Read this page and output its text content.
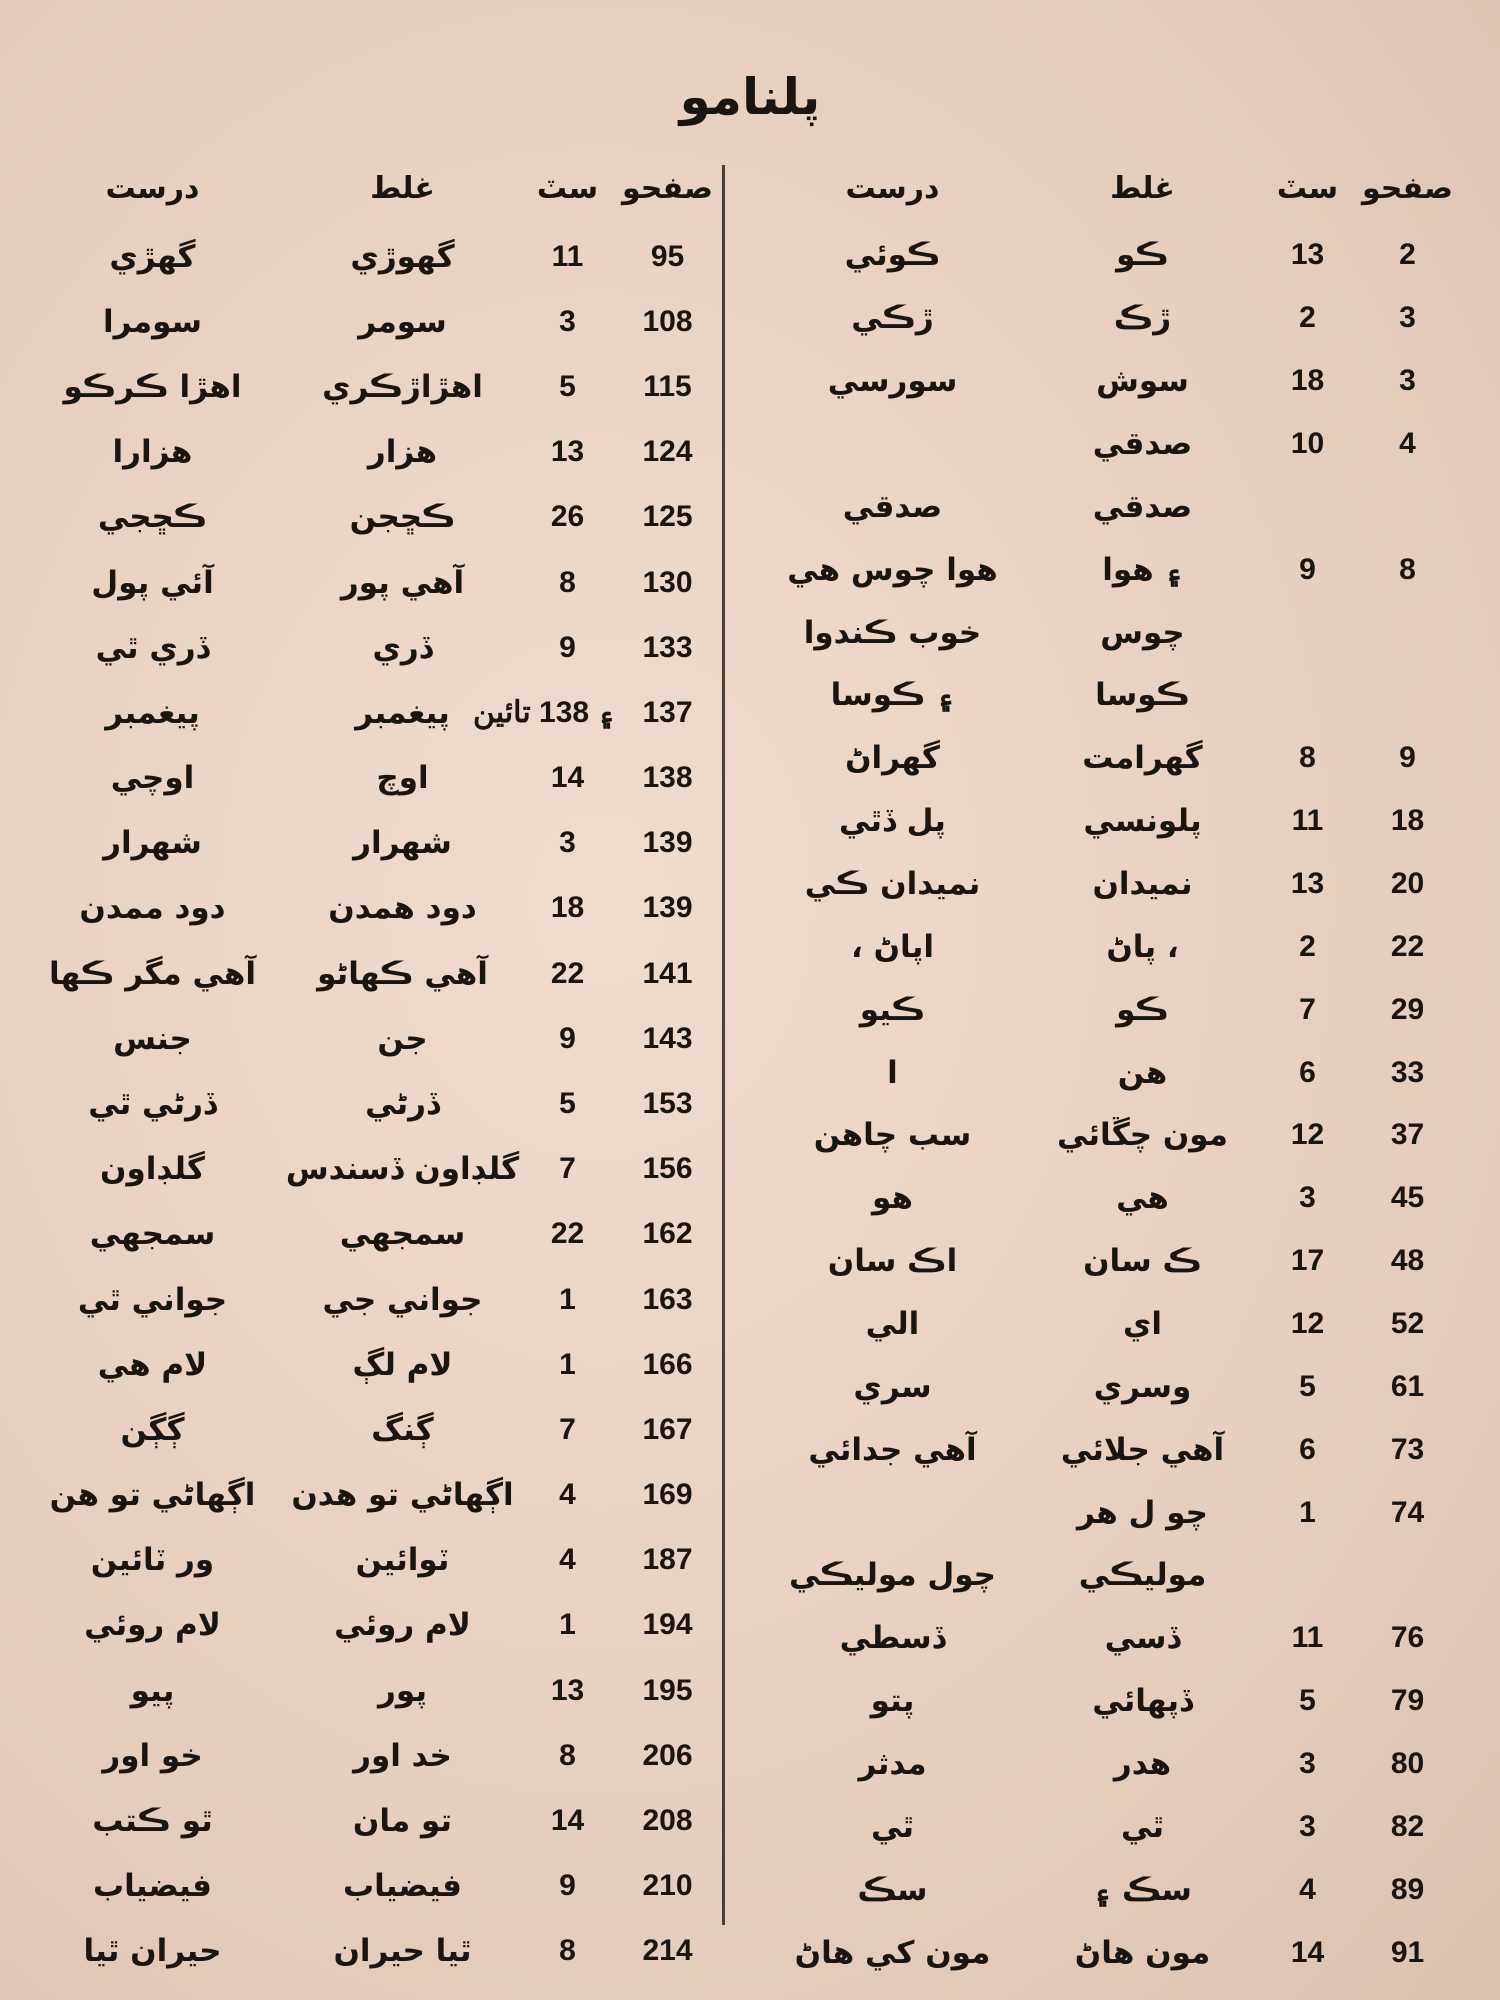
پلنامو
صفحو
سٽ
غلط
درست
2
13
ڪو
ڪوئي
3
2
ڙڪ
ڙڪي
3
18
سوش
سورسي
4
10
صدقي
صدقي
صدقي
8
9
۽ هوا
هوا چوس هي
چوس
خوب ڪندوا
ڪوسا
۽ ڪوسا
9
8
گهرامت
گهراڻ
18
11
پلونسي
پل ڏٿي
20
13
نميدان
نميدان ڪي
22
2
، پاڻ
اپاڻ ،
29
7
ڪو
ڪيو
33
6
هن
ا
37
12
مون چڱائي
سب چاهن
45
3
هي
هو
48
17
ڪ سان
اڪ سان
52
12
اي
الي
61
5
وسري
سري
73
6
آهي جلائي
آهي جدائي
74
1
چو ل هر
موليڪي
چول موليڪي
76
11
ڏسي
ڏسطي
79
5
ڏپهائي
پتو
80
3
هدر
مدثر
82
3
ٿي
ٿي
89
4
سڪ ۽
سڪ
91
14
مون هاڻ
مون کي هاڻ
صفحو
سٽ
غلط
درست
95
11
گهوڙي
گهڙي
108
3
سومر
سومرا
115
5
اهڙاڙڪري
اهڙا ڪرڪو
124
13
هزار
هزارا
125
26
ڪڇجن
ڪڇجي
130
8
آهي پور
آئي پول
133
9
ڏري
ڏري ٿي
137
۽ 138 تائين
پيغمبر
پيغمبر
138
14
اوچ
اوچي
139
3
شهرار
شهرار
139
18
دود همدن
دود ممدن
141
22
آهي ڪهاڻو
آهي مگر ڪها
143
9
جن
جنس
153
5
ڏرڻي
ڏرڻي ٿي
156
7
گلڊاون ڏسندس
گلڊاون
162
22
سمجهي
سمجهي
163
1
جواني جي
جواني ٿي
166
1
لام لڳ
لام هي
167
7
ڳنگ
ڳڳن
169
4
اڳهاڻي تو هدن
اڳهاڻي تو هن
187
4
ٽوائين
ور ٽائين
194
1
لام روئي
لام روئي
195
13
پور
پيو
206
8
خد اور
خو اور
208
14
تو مان
ٿو ڪتب
210
9
فيضياب
فيضياب
214
8
ٿيا حيران
حيران ٿيا
